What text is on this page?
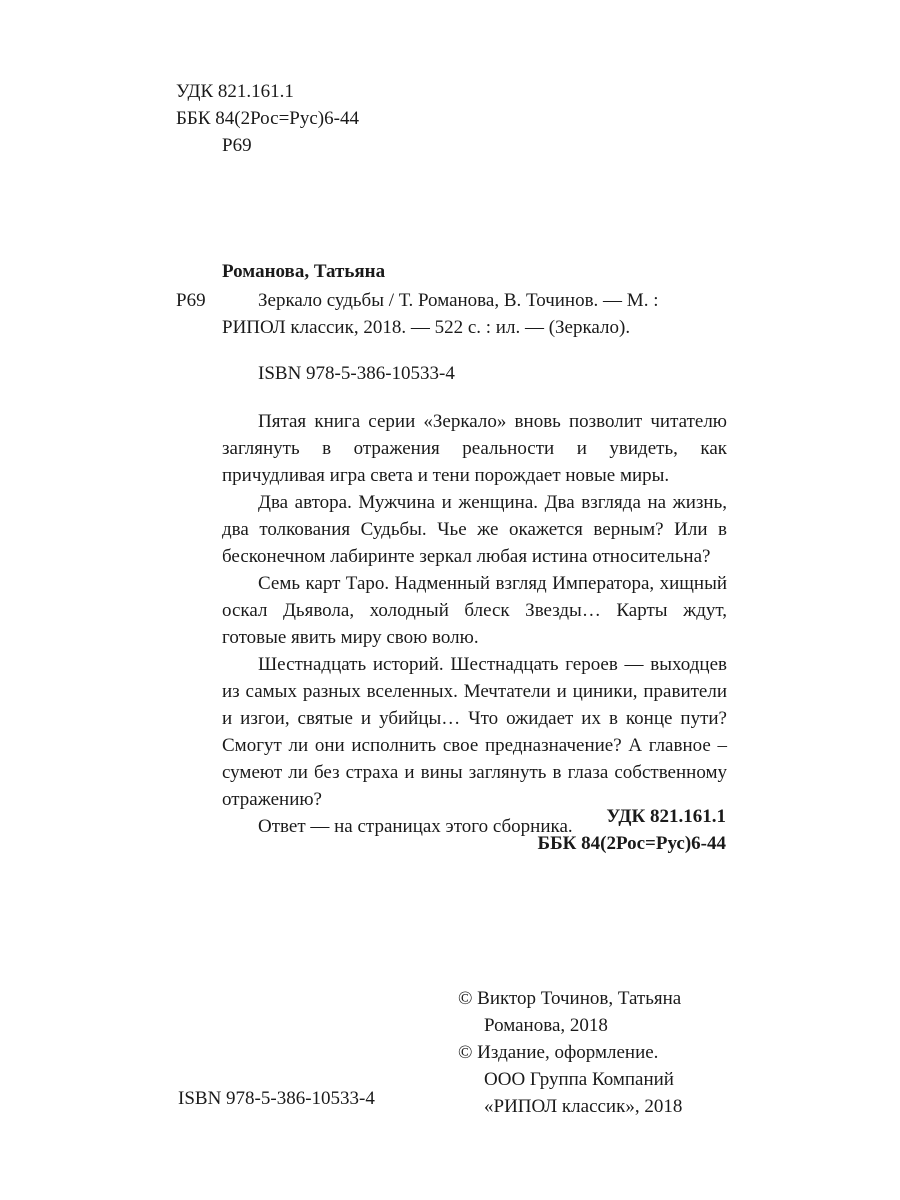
УДК 821.161.1
ББК 84(2Рос=Рус)6-44
Р69
Романова, Татьяна
Р69	Зеркало судьбы / Т. Романова, В. Точинов. — М. :
РИПОЛ классик, 2018. — 522 с. : ил. — (Зеркало).
ISBN 978-5-386-10533-4

Пятая книга серии «Зеркало» вновь позволит читателю заглянуть в отражения реальности и увидеть, как причудливая игра света и тени порождает новые миры.

Два автора. Мужчина и женщина. Два взгляда на жизнь, два толкования Судьбы. Чье же окажется верным? Или в бесконечном лабиринте зеркал любая истина относительна?

Семь карт Таро. Надменный взгляд Императора, хищный оскал Дьявола, холодный блеск Звезды… Карты ждут, готовые явить миру свою волю.

Шестнадцать историй. Шестнадцать героев — выходцев из самых разных вселенных. Мечтатели и циники, правители и изгои, святые и убийцы… Что ожидает их в конце пути? Смогут ли они исполнить свое предназначение? А главное – сумеют ли без страха и вины заглянуть в глаза собственному отражению?

Ответ — на страницах этого сборника.	УДК 821.161.1
ББК 84(2Рос=Рус)6-44
© Виктор Точинов, Татьяна
Романова, 2018
© Издание, оформление.
ООО Группа Компаний
«РИПОЛ классик», 2018
ISBN 978-5-386-10533-4
